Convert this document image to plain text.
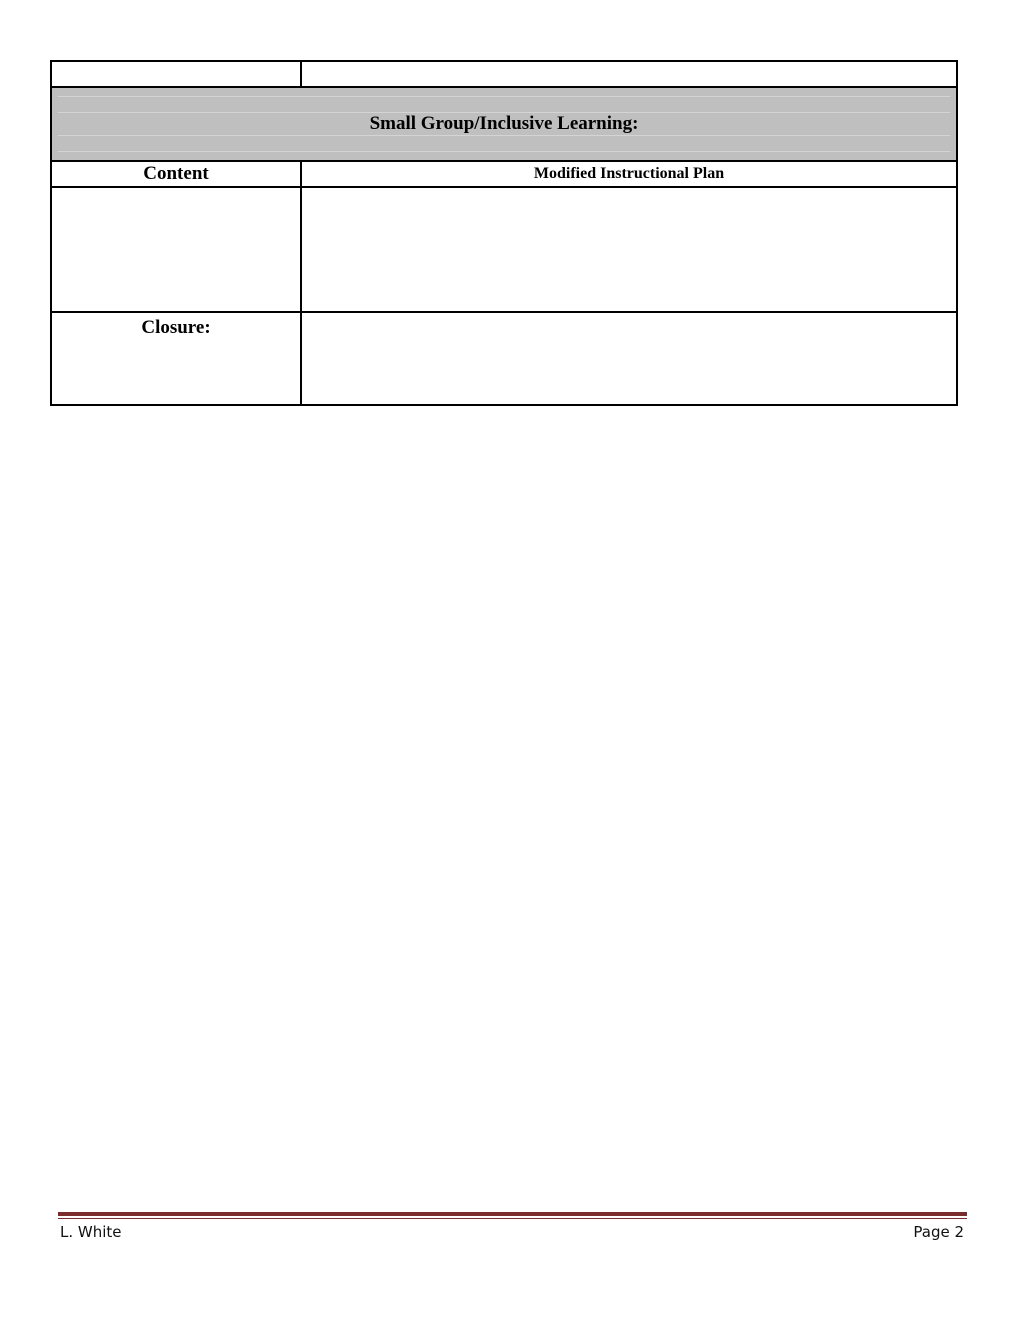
Small Group/Inclusive Learning:	
Content	Modified Instructional Plan

Closure:	
L. White	Page 2
